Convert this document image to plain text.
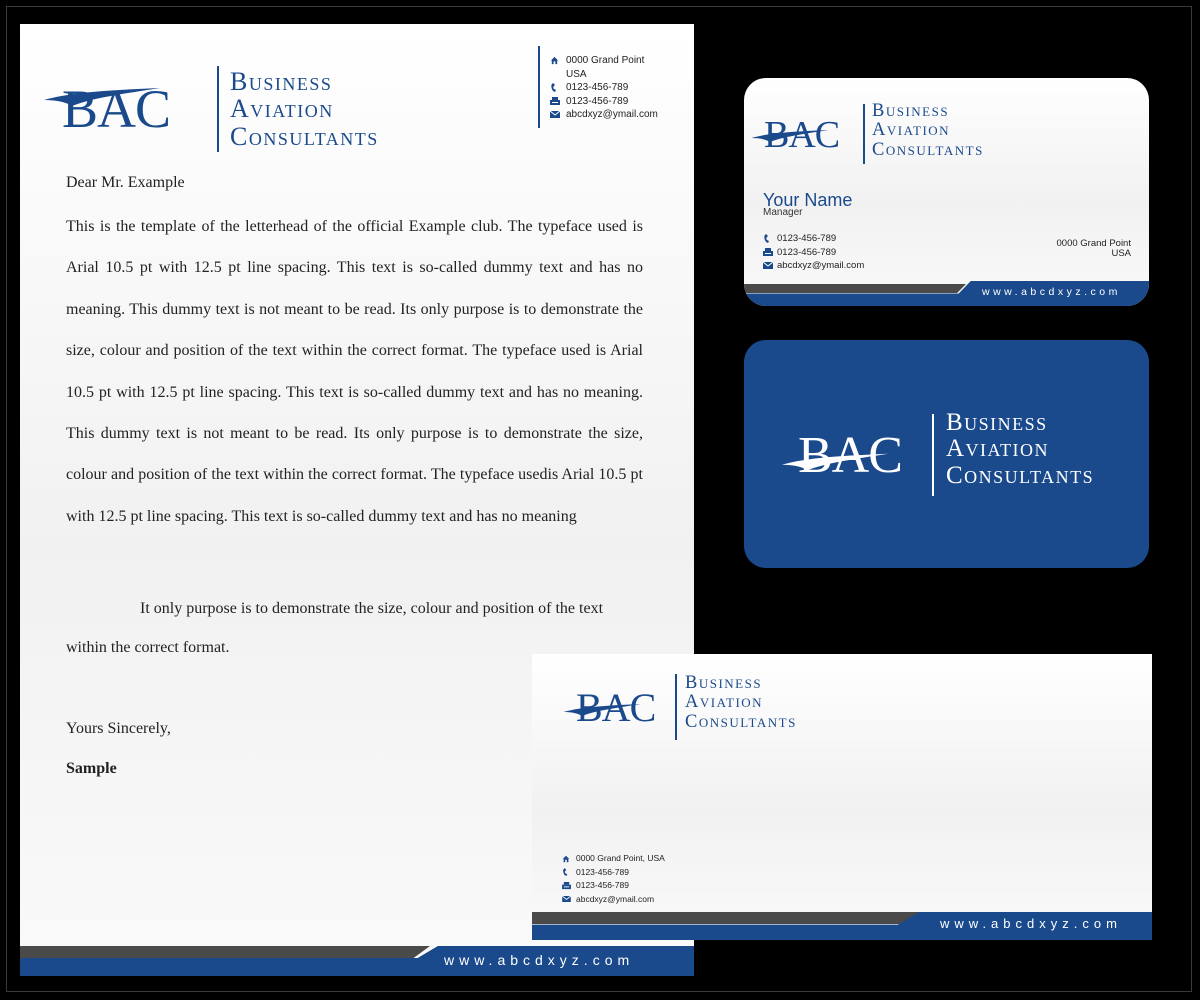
BAC Business
Aviation
Consultants
0000 Grand Point
USA
0123-456-789
0123-456-789
abcdxyz@ymail.com
Dear Mr. Example
This is the template of the letterhead of the official Example club. The typeface used is Arial 10.5 pt with 12.5 pt line spacing. This text is so-called dummy text and has no meaning. This dummy text is not meant to be read. Its only purpose is to demonstrate the size, colour and position of the text within the correct format. The typeface used is Arial 10.5 pt with 12.5 pt line spacing. This text is so-called dummy text and has no meaning. This dummy text is not meant to be read. Its only purpose is to demonstrate the size, colour and position of the text within the correct format. The typeface usedis Arial 10.5 pt with 12.5 pt line spacing. This text is so-called dummy text and has no meaning
It only purpose is to demonstrate the size, colour and position of the text
within the correct format.
Yours Sincerely,
Sample
www.abcdxyz.com
BAC
Business
Aviation
Consultants
Your Name
Manager
0123-456-789
0123-456-789
abcdxyz@ymail.com
0000 Grand Point
USA
www.abcdxyz.com
BAC
Business
Aviation
Consultants
BAC
Business
Aviation
Consultants
0000 Grand Point, USA
0123-456-789
0123-456-789
abcdxyz@ymail.com
www.abcdxyz.com
